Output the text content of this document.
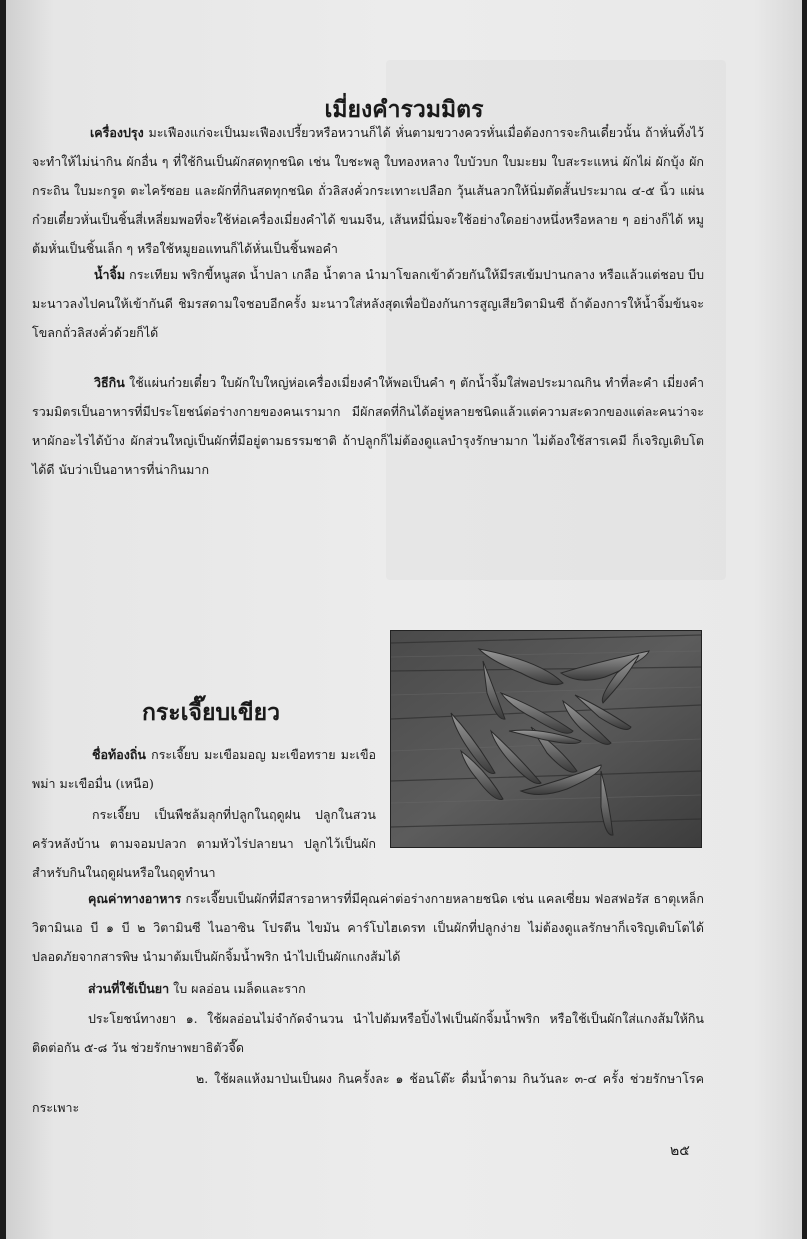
เมี่ยงคำรวมมิตร

เครื่องปรุง มะเฟืองแก่จะเป็นมะเฟืองเปรี้ยวหรือหวานก็ได้ หั่นตามขวางควรหั่นเมื่อต้องการจะกินเดี๋ยวนั้น ถ้าหั่นทิ้งไว้จะทำให้ไม่น่ากิน ผักอื่น ๆ ที่ใช้กินเป็นผักสดทุกชนิด เช่น ใบชะพลู ใบทองหลาง ใบบัวบก ใบมะยม ใบสะระแหน่ ผักไผ่ ผักบุ้ง ผักกระถิน ใบมะกรูด ตะไคร้ซอย และผักที่กินสดทุกชนิด ถั่วลิสงคั่วกระเทาะเปลือก วุ้นเส้นลวกให้นิ่มตัดสั้นประมาณ ๔-๕ นิ้ว แผ่นก๋วยเตี๋ยวหั่นเป็นชิ้นสี่เหลี่ยมพอที่จะใช้ห่อเครื่องเมี่ยงคำได้ ขนมจีน, เส้นหมี่นิ่มจะใช้อย่างใดอย่างหนึ่งหรือหลาย ๆ อย่างก็ได้ หมูต้มหั่นเป็นชิ้นเล็ก ๆ หรือใช้หมูยอแทนก็ได้หั่นเป็นชิ้นพอคำ

น้ำจิ้ม กระเทียม พริกขี้หนูสด น้ำปลา เกลือ น้ำตาล นำมาโขลกเข้าด้วยกันให้มีรสเข้มปานกลาง หรือแล้วแต่ชอบ บีบมะนาวลงไปคนให้เข้ากันดี ชิมรสดามใจชอบอีกครั้ง มะนาวใส่หลังสุดเพื่อป้องกันการสูญเสียวิตามินซี ถ้าต้องการให้น้ำจิ้มข้นจะโขลกถั่วลิสงคั่วด้วยก็ได้

วิธีกิน ใช้แผ่นก๋วยเตี๋ยว ใบผักใบใหญ่ห่อเครื่องเมี่ยงคำให้พอเป็นคำ ๆ ตักน้ำจิ้มใส่พอประมาณกิน ทำที่ละคำ เมี่ยงคำรวมมิตรเป็นอาหารที่มีประโยชน์ต่อร่างกายของคนเรามาก มีผักสดที่กินได้อยู่หลายชนิดแล้วแต่ความสะดวกของแต่ละคนว่าจะหาผักอะไรได้บ้าง ผักส่วนใหญ่เป็นผักที่มีอยู่ตามธรรมชาติ ถ้าปลูกก็ไม่ต้องดูแลบำรุงรักษามาก ไม่ต้องใช้สารเคมี ก็เจริญเติบโตได้ดี นับว่าเป็นอาหารที่น่ากินมาก

กระเจี๊ยบเขียว

ชื่อท้องถิ่น กระเจี๊ยบ มะเขือมอญ มะเขือทราย มะเขือพม่า มะเขือมื่น (เหนือ)

กระเจี๊ยบ เป็นพืชล้มลุกที่ปลูกในฤดูฝน ปลูกในสวนครัวหลังบ้าน ตามจอมปลวก ตามหัวไร่ปลายนา ปลูกไว้เป็นผักสำหรับกินในฤดูฝนหรือในฤดูทำนา

คุณค่าทางอาหาร กระเจี๊ยบเป็นผักที่มีสารอาหารที่มีคุณค่าต่อร่างกายหลายชนิด เช่น แคลเซี่ยม ฟอสฟอรัส ธาตุเหล็ก วิตามินเอ บี ๑ บี ๒ วิตามินซี ไนอาซิน โปรตีน ไขมัน คาร์โบไฮเดรท เป็นผักที่ปลูกง่าย ไม่ต้องดูแลรักษาก็เจริญเติบโตได้ ปลอดภัยจากสารพิษ นำมาต้มเป็นผักจิ้มน้ำพริก นำไปเป็นผักแกงส้มได้

ส่วนที่ใช้เป็นยา ใบ ผลอ่อน เมล็ดและราก

ประโยชน์ทางยา ๑. ใช้ผลอ่อนไม่จำกัดจำนวน นำไปต้มหรือปิ้งไฟเป็นผักจิ้มน้ำพริก หรือใช้เป็นผักใส่แกงส้มให้กินติดต่อกัน ๕-๘ วัน ช่วยรักษาพยาธิตัวจี๊ด

๒. ใช้ผลแห้งมาป่นเป็นผง กินครั้งละ ๑ ช้อนโต๊ะ ดื่มน้ำตาม กินวันละ ๓-๔ ครั้ง ช่วยรักษาโรคกระเพาะ

๒๕
